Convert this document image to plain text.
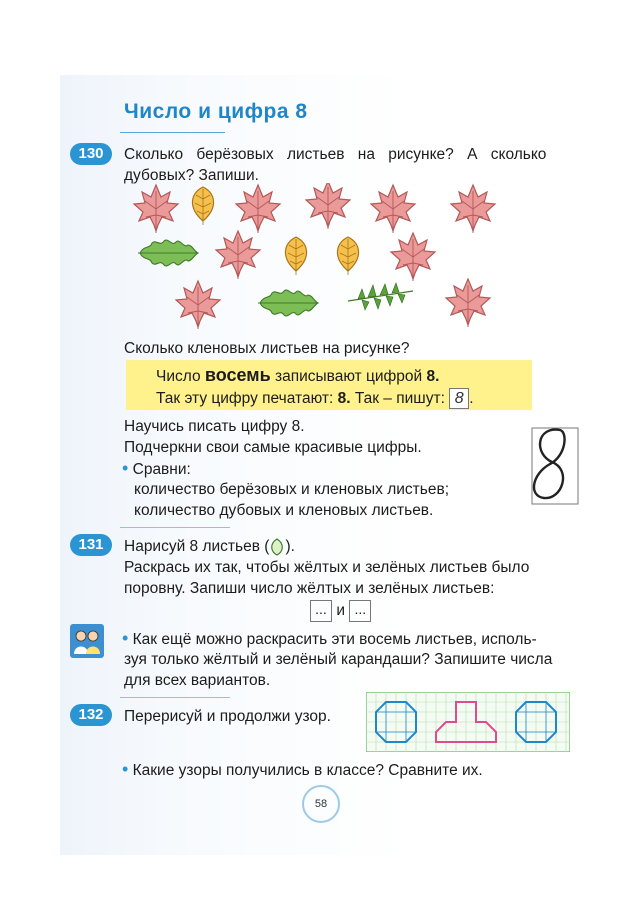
Число и цифра 8
130	Сколько берёзовых листьев на рисунке? А сколько
дубовых? Запиши.
Сколько кленовых листьев на рисунке?
Число восемь записывают цифрой 8.
Так эту цифру печатают: 8. Так – пишут: 8 .
Научись писать цифру 8.
Подчеркни свои самые красивые цифры.
• Сравни:
количество берёзовых и кленовых листьев;
количество дубовых и кленовых листьев.
131	Нарисуй 8 листьев ( ).
Раскрась их так, чтобы жёлтых и зелёных листьев было
поровну. Запиши число жёлтых и зелёных листьев:
... и ...
• Как ещё можно раскрасить эти восемь листьев, исполь-
зуя только жёлтый и зелёный карандаши? Запишите числа
для всех вариантов.
132	Перерисуй и продолжи узор.
• Какие узоры получились в классе? Сравните их.
58
